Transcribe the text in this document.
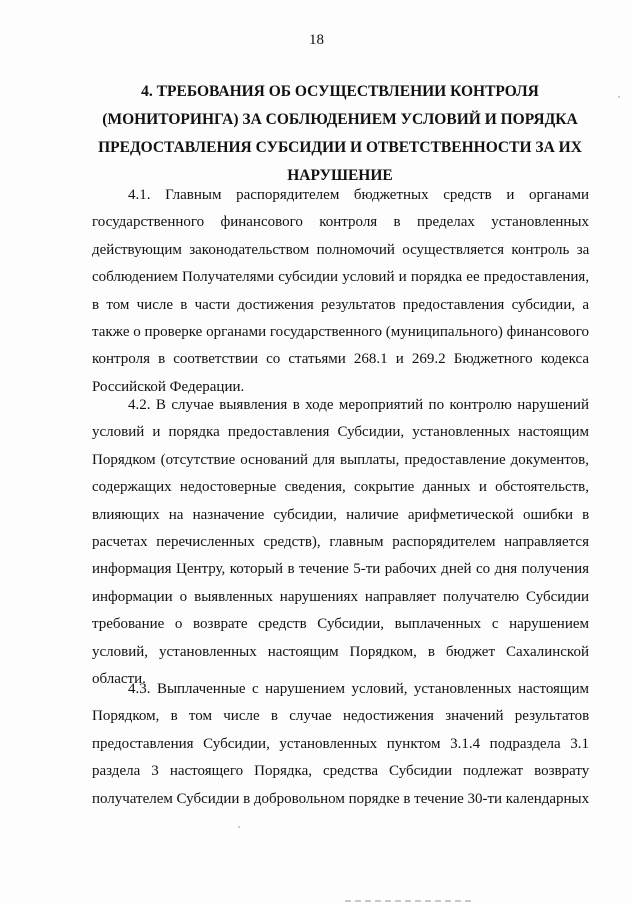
18
4. ТРЕБОВАНИЯ ОБ ОСУЩЕСТВЛЕНИИ КОНТРОЛЯ
(МОНИТОРИНГА) ЗА СОБЛЮДЕНИЕМ УСЛОВИЙ И ПОРЯДКА
ПРЕДОСТАВЛЕНИЯ СУБСИДИИ И ОТВЕТСТВЕННОСТИ ЗА ИХ
НАРУШЕНИЕ
4.1. Главным распорядителем бюджетных средств и органами
государственного финансового контроля в пределах установленных
действующим законодательством полномочий осуществляется контроль за
соблюдением Получателями субсидии условий и порядка ее предоставления,
в том числе в части достижения результатов предоставления субсидии, а
также о проверке органами государственного (муниципального) финансового
контроля в соответствии со статьями 268.1 и 269.2 Бюджетного кодекса
Российской Федерации.
4.2. В случае выявления в ходе мероприятий по контролю нарушений
условий и порядка предоставления Субсидии, установленных настоящим
Порядком (отсутствие оснований для выплаты, предоставление документов,
содержащих недостоверные сведения, сокрытие данных и обстоятельств,
влияющих на назначение субсидии, наличие арифметической ошибки в
расчетах перечисленных средств), главным распорядителем направляется
информация Центру, который в течение 5-ти рабочих дней со дня получения
информации о выявленных нарушениях направляет получателю Субсидии
требование о возврате средств Субсидии, выплаченных с нарушением
условий, установленных настоящим Порядком, в бюджет Сахалинской
области.
4.3. Выплаченные с нарушением условий, установленных настоящим
Порядком, в том числе в случае недостижения значений результатов
предоставления Субсидии, установленных пунктом 3.1.4 подраздела 3.1
раздела 3 настоящего Порядка, средства Субсидии подлежат возврату
получателем Субсидии в добровольном порядке в течение 30-ти календарных
